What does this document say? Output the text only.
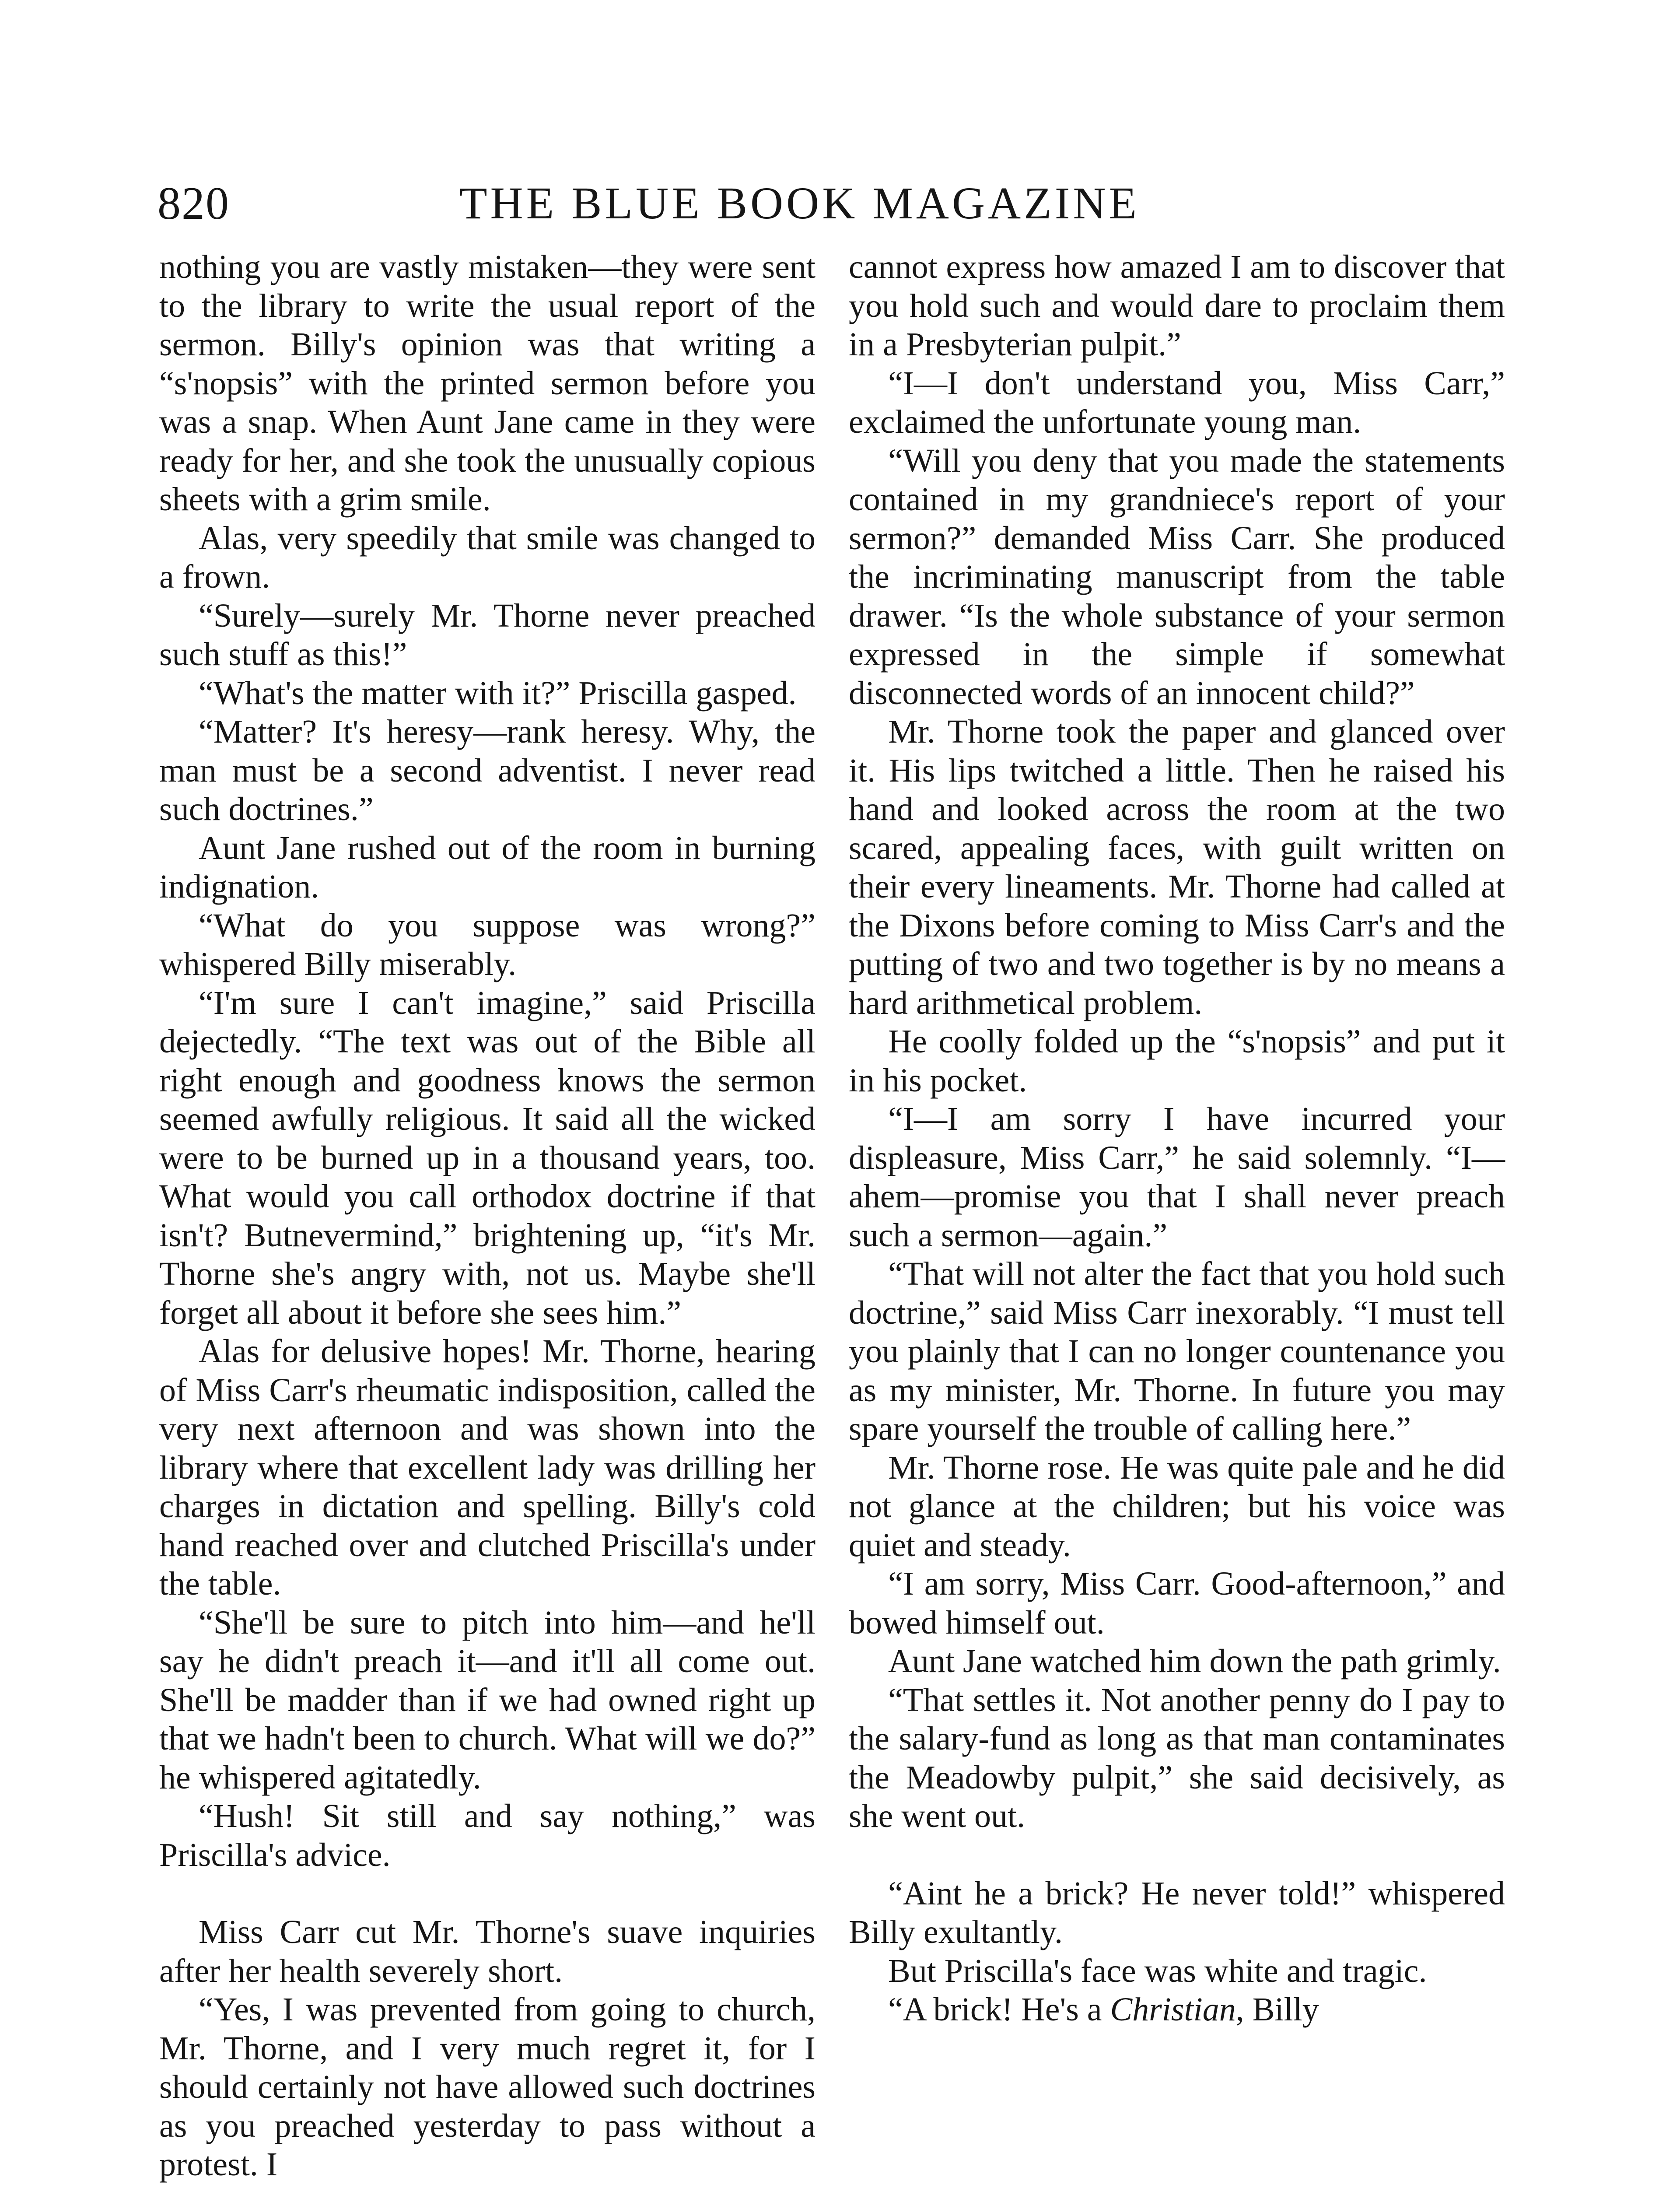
820	THE BLUE BOOK MAGAZINE

nothing you are vastly mistaken—they were sent to the library to write the usual report of the sermon. Billy's opinion was that writing a “s'nopsis” with the printed sermon before you was a snap. When Aunt Jane came in they were ready for her, and she took the unusually copious sheets with a grim smile.

Alas, very speedily that smile was changed to a frown.

“Surely—surely Mr. Thorne never preached such stuff as this!”

“What's the matter with it?” Priscilla gasped.

“Matter? It's heresy—rank heresy. Why, the man must be a second adventist. I never read such doctrines.”

Aunt Jane rushed out of the room in burning indignation.

“What do you suppose was wrong?” whispered Billy miserably.

“I'm sure I can't imagine,” said Priscilla dejectedly. “The text was out of the Bible all right enough and goodness knows the sermon seemed awfully religious. It said all the wicked were to be burned up in a thousand years, too. What would you call orthodox doctrine if that isn't? Butnevermind,” brightening up, “it's Mr. Thorne she's angry with, not us. Maybe she'll forget all about it before she sees him.”

Alas for delusive hopes! Mr. Thorne, hearing of Miss Carr's rheumatic indisposition, called the very next afternoon and was shown into the library where that excellent lady was drilling her charges in dictation and spelling. Billy's cold hand reached over and clutched Priscilla's under the table.

“She'll be sure to pitch into him—and he'll say he didn't preach it—and it'll all come out. She'll be madder than if we had owned right up that we hadn't been to church. What will we do?” he whispered agitatedly.

“Hush! Sit still and say nothing,” was Priscilla's advice.

Miss Carr cut Mr. Thorne's suave inquiries after her health severely short.

“Yes, I was prevented from going to church, Mr. Thorne, and I very much regret it, for I should certainly not have allowed such doctrines as you preached yesterday to pass without a protest. I

cannot express how amazed I am to discover that you hold such and would dare to proclaim them in a Presbyterian pulpit.”

“I—I don't understand you, Miss Carr,” exclaimed the unfortunate young man.

“Will you deny that you made the statements contained in my grandniece's report of your sermon?” demanded Miss Carr. She produced the incriminating manuscript from the table drawer. “Is the whole substance of your sermon expressed in the simple if somewhat disconnected words of an innocent child?”

Mr. Thorne took the paper and glanced over it. His lips twitched a little. Then he raised his hand and looked across the room at the two scared, appealing faces, with guilt written on their every lineaments. Mr. Thorne had called at the Dixons before coming to Miss Carr's and the putting of two and two together is by no means a hard arithmetical problem.

He coolly folded up the “s'nopsis” and put it in his pocket.

“I—I am sorry I have incurred your displeasure, Miss Carr,” he said solemnly. “I—ahem—promise you that I shall never preach such a sermon—again.”

“That will not alter the fact that you hold such doctrine,” said Miss Carr inexorably. “I must tell you plainly that I can no longer countenance you as my minister, Mr. Thorne. In future you may spare yourself the trouble of calling here.”

Mr. Thorne rose. He was quite pale and he did not glance at the children; but his voice was quiet and steady.

“I am sorry, Miss Carr. Good-afternoon,” and bowed himself out.

Aunt Jane watched him down the path grimly.

“That settles it. Not another penny do I pay to the salary-fund as long as that man contaminates the Meadowby pulpit,” she said decisively, as she went out.

“Aint he a brick? He never told!” whispered Billy exultantly.

But Priscilla's face was white and tragic.

“A brick! He's a Christian, Billy
